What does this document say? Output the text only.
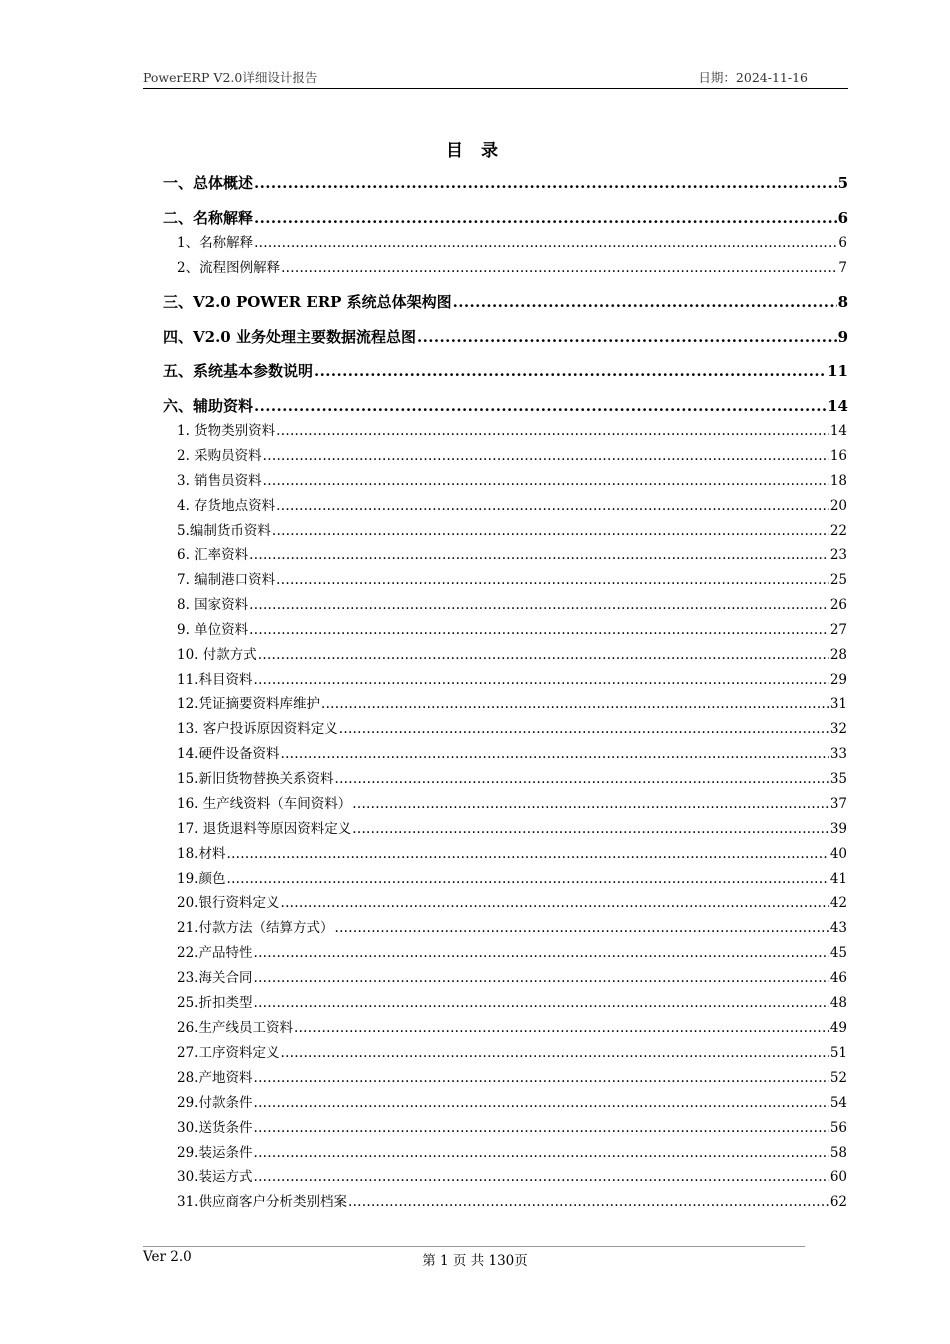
PowerERP V2.0详细设计报告	日期：2024-11-16
目 录
一、总体概述 .....	5
二、名称解释 .....	6
1、名称解释 .....	6
2、流程图例解释 .....	7
三、V2.0 POWER ERP 系统总体架构图 .....	8
四、V2.0 业务处理主要数据流程总图 .....	9
五、系统基本参数说明 .....	11
六、辅助资料 .....	14
1. 货物类别资料 .....	14
2. 采购员资料 .....	16
3. 销售员资料 .....	18
4. 存货地点资料 .....	20
5.编制货币资料 .....	22
6. 汇率资料 .....	23
7. 编制港口资料 .....	25
8. 国家资料 .....	26
9. 单位资料 .....	27
10. 付款方式 .....	28
11.科目资料 .....	29
12.凭证摘要资料库维护 .....	31
13. 客户投诉原因资料定义 .....	32
14.硬件设备资料 .....	33
15.新旧货物替换关系资料 .....	35
16. 生产线资料（车间资料） .....	37
17. 退货退料等原因资料定义 .....	39
18.材料 .....	40
19.颜色 .....	41
20.银行资料定义 .....	42
21.付款方法（结算方式） .....	43
22.产品特性 .....	45
23.海关合同 .....	46
25.折扣类型 .....	48
26.生产线员工资料 .....	49
27.工序资料定义 .....	51
28.产地资料 .....	52
29.付款条件 .....	54
30.送货条件 .....	56
29.装运条件 .....	58
30.装运方式 .....	60
31.供应商客户分析类别档案 .....	62
Ver 2.0	第 1 页 共 130页
